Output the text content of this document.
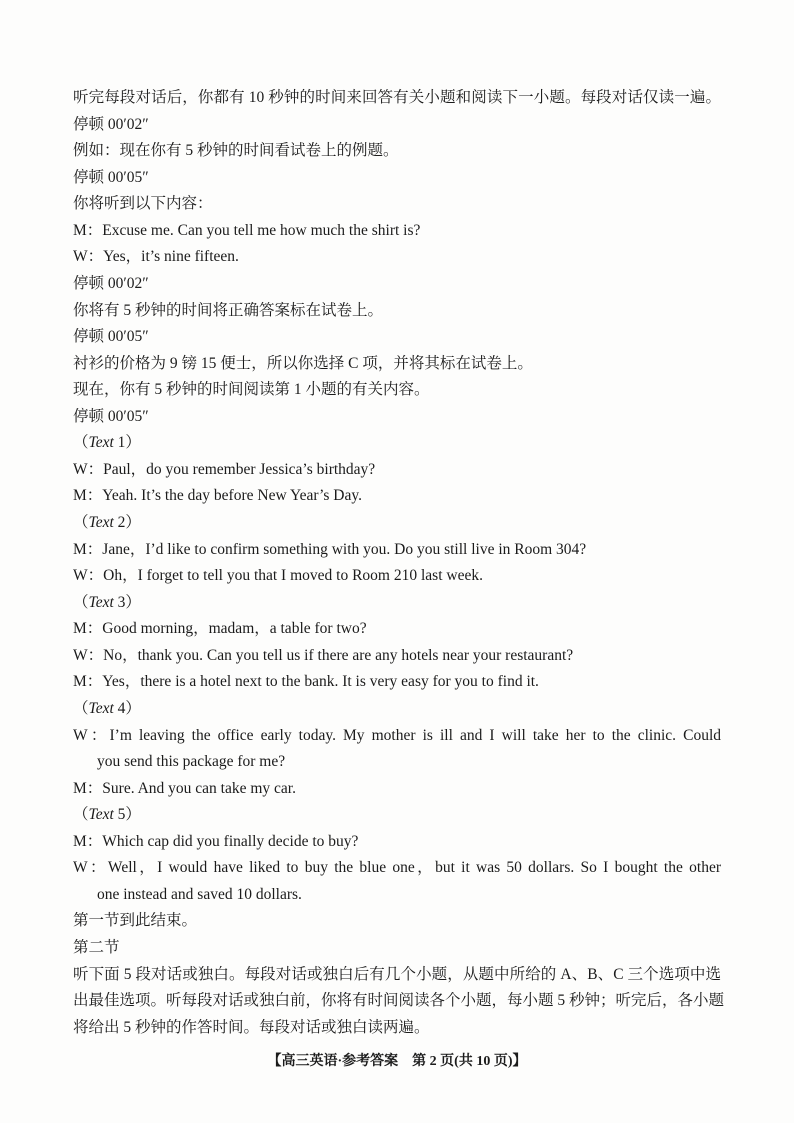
听完每段对话后，你都有 10 秒钟的时间来回答有关小题和阅读下一小题。每段对话仅读一遍。
停顿 00′02″
例如：现在你有 5 秒钟的时间看试卷上的例题。
停顿 00′05″
你将听到以下内容：
M：Excuse me. Can you tell me how much the shirt is?
W：Yes，it’s nine fifteen.
停顿 00′02″
你将有 5 秒钟的时间将正确答案标在试卷上。
停顿 00′05″
衬衫的价格为 9 镑 15 便士，所以你选择 C 项，并将其标在试卷上。
现在，你有 5 秒钟的时间阅读第 1 小题的有关内容。
停顿 00′05″
（Text 1）
W：Paul，do you remember Jessica’s birthday?
M：Yeah. It’s the day before New Year’s Day.
（Text 2）
M：Jane，I’d like to confirm something with you. Do you still live in Room 304?
W：Oh，I forget to tell you that I moved to Room 210 last week.
（Text 3）
M：Good morning，madam，a table for two?
W：No，thank you. Can you tell us if there are any hotels near your restaurant?
M：Yes，there is a hotel next to the bank. It is very easy for you to find it.
（Text 4）
W：I’m leaving the office early today. My mother is ill and I will take her to the clinic. Could
you send this package for me?
M：Sure. And you can take my car.
（Text 5）
M：Which cap did you finally decide to buy?
W：Well，I would have liked to buy the blue one，but it was 50 dollars. So I bought the other
one instead and saved 10 dollars.
第一节到此结束。
第二节
听下面 5 段对话或独白。每段对话或独白后有几个小题，从题中所给的 A、B、C 三个选项中选
出最佳选项。听每段对话或独白前，你将有时间阅读各个小题，每小题 5 秒钟；听完后，各小题
将给出 5 秒钟的作答时间。每段对话或独白读两遍。
【高三英语·参考答案　第 2 页(共 10 页)】
